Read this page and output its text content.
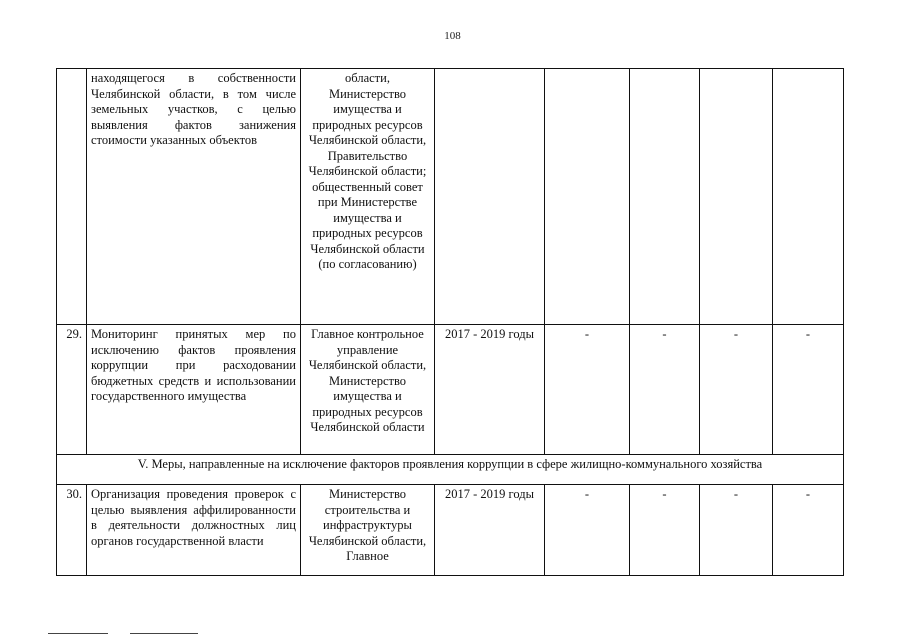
108
	находящегося в собственности Челябинской области, в том числе земельных участков, с целью выявления фактов занижения стоимости указанных объектов	области, Министерство имущества и природных ресурсов Челябинской области, Правительство Челябинской области; общественный совет при Министерстве имущества и природных ресурсов Челябинской области (по согласованию)					
29.	Мониторинг принятых мер по исключению фактов проявления коррупции при расходовании бюджетных средств и использовании государственного имущества	Главное контрольное управление Челябинской области, Министерство имущества и природных ресурсов Челябинской области	2017 - 2019 годы	-	-	-	-
V. Меры, направленные на исключение факторов проявления коррупции в сфере жилищно-коммунального хозяйства							
30.	Организация проведения проверок с целью выявления аффилированности в деятельности должностных лиц органов государственной власти	Министерство строительства и инфраструктуры Челябинской области, Главное	2017 - 2019 годы	-	-	-	-
